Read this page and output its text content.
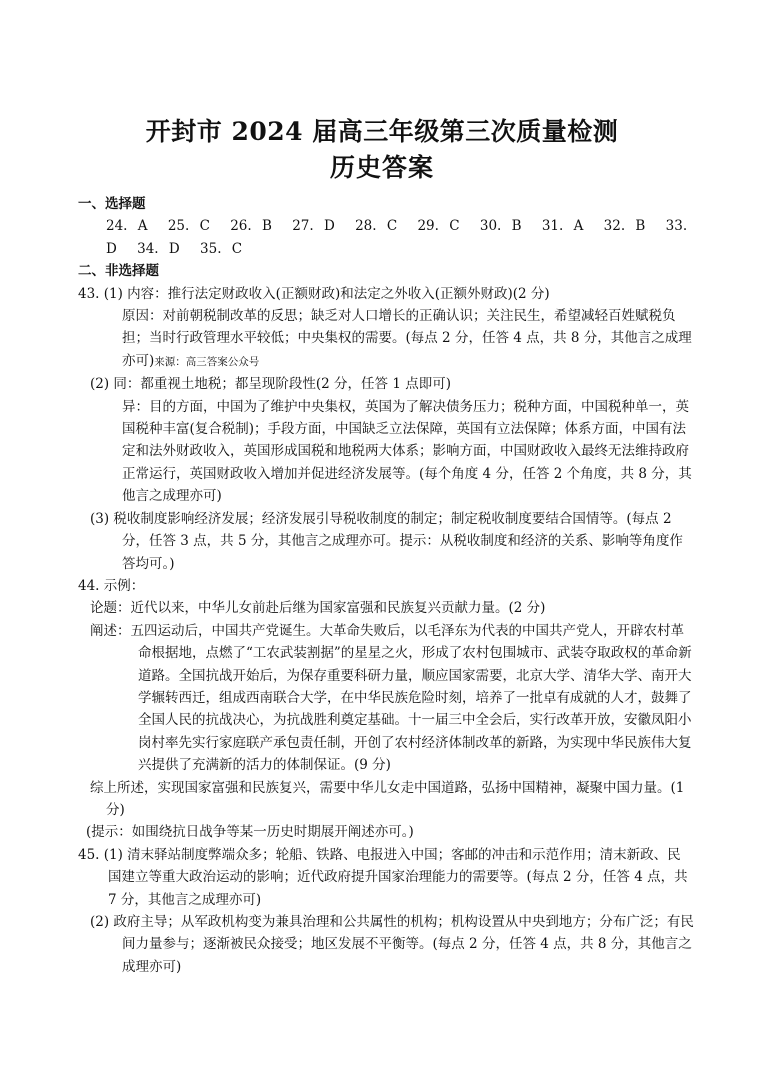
开封市 2024 届高三年级第三次质量检测
历史答案

一、选择题

24. A 25. C 26. B 27. D 28. C 29. C 30. B 31. A 32. B 33. D 34. D 35. C

二、非选择题

43. (1) 内容：推行法定财政收入(正额财政)和法定之外收入(正额外财政)(2 分)

原因：对前朝税制改革的反思；缺乏对人口增长的正确认识；关注民生，希望减轻百姓赋税负担；当时行政管理水平较低；中央集权的需要。(每点 2 分，任答 4 点，共 8 分，其他言之成理亦可)来源：高三答案公众号

(2) 同：都重视土地税；都呈现阶段性(2 分，任答 1 点即可)

异：目的方面，中国为了维护中央集权，英国为了解决债务压力；税种方面，中国税种单一，英国税种丰富(复合税制)；手段方面，中国缺乏立法保障，英国有立法保障；体系方面，中国有法定和法外财政收入，英国形成国税和地税两大体系；影响方面，中国财政收入最终无法维持政府正常运行，英国财政收入增加并促进经济发展等。(每个角度 4 分，任答 2 个角度，共 8 分，其他言之成理亦可)

(3) 税收制度影响经济发展；经济发展引导税收制度的制定；制定税收制度要结合国情等。(每点 2 分，任答 3 点，共 5 分，其他言之成理亦可。提示：从税收制度和经济的关系、影响等角度作答均可。)

44. 示例：

论题：近代以来，中华儿女前赴后继为国家富强和民族复兴贡献力量。(2 分)

阐述：五四运动后，中国共产党诞生。大革命失败后，以毛泽东为代表的中国共产党人，开辟农村革命根据地，点燃了“工农武装割据”的星星之火，形成了农村包围城市、武装夺取政权的革命新道路。全国抗战开始后，为保存重要科研力量，顺应国家需要，北京大学、清华大学、南开大学辗转西迁，组成西南联合大学，在中华民族危险时刻，培养了一批卓有成就的人才，鼓舞了全国人民的抗战决心，为抗战胜利奠定基础。十一届三中全会后，实行改革开放，安徽凤阳小岗村率先实行家庭联产承包责任制，开创了农村经济体制改革的新路，为实现中华民族伟大复兴提供了充满新的活力的体制保证。(9 分)

综上所述，实现国家富强和民族复兴，需要中华儿女走中国道路，弘扬中国精神，凝聚中国力量。(1 分)

(提示：如围绕抗日战争等某一历史时期展开阐述亦可。)

45. (1) 清末驿站制度弊端众多；轮船、铁路、电报进入中国；客邮的冲击和示范作用；清末新政、民国建立等重大政治运动的影响；近代政府提升国家治理能力的需要等。(每点 2 分，任答 4 点，共 7 分，其他言之成理亦可)

(2) 政府主导；从军政机构变为兼具治理和公共属性的机构；机构设置从中央到地方；分布广泛；有民间力量参与；逐渐被民众接受；地区发展不平衡等。(每点 2 分，任答 4 点，共 8 分，其他言之成理亦可)
